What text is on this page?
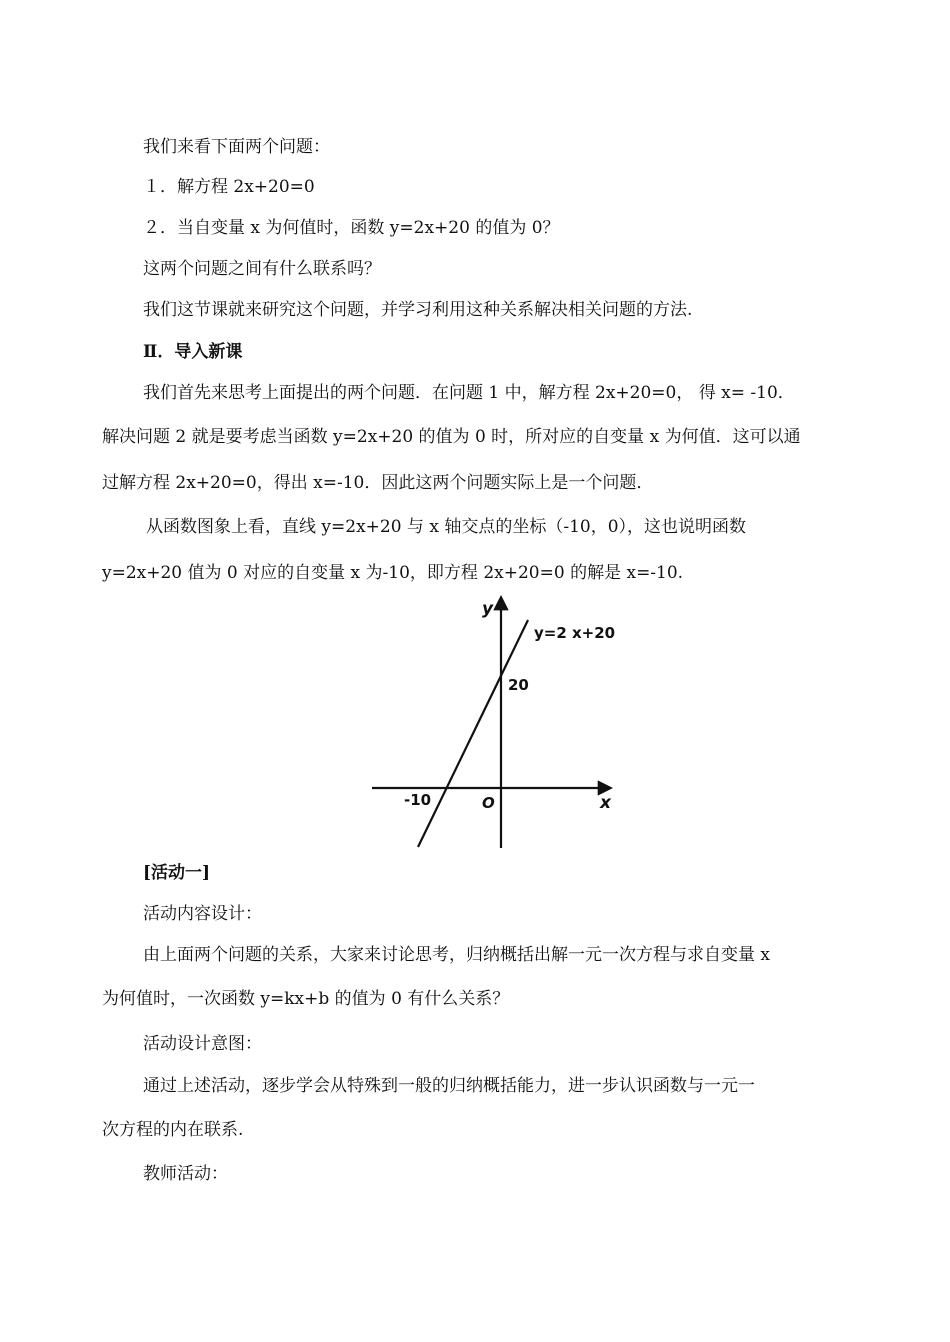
我们来看下面两个问题：
１．解方程 2x+20=0
２．当自变量 x 为何值时，函数 y=2x+20 的值为 0？
这两个问题之间有什么联系吗？
我们这节课就来研究这个问题，并学习利用这种关系解决相关问题的方法.
Ⅱ．导入新课
我们首先来思考上面提出的两个问题．在问题 1 中，解方程 2x+20=0， 得 x= -10．
解决问题 2 就是要考虑当函数 y=2x+20 的值为 0 时，所对应的自变量 x 为何值．这可以通
过解方程 2x+20=0，得出 x=-10．因此这两个问题实际上是一个问题．
从函数图象上看，直线 y=2x+20 与 x 轴交点的坐标（-10，0），这也说明函数
y=2x+20 值为 0 对应的自变量 x 为-10，即方程 2x+20=0 的解是 x=-10.
y
x
y=2 x+20
20
-10	O
[活动一]
活动内容设计：
由上面两个问题的关系，大家来讨论思考，归纳概括出解一元一次方程与求自变量 x
为何值时，一次函数 y=kx+b 的值为 0 有什么关系？
活动设计意图：
通过上述活动，逐步学会从特殊到一般的归纳概括能力，进一步认识函数与一元一
次方程的内在联系.
教师活动：
